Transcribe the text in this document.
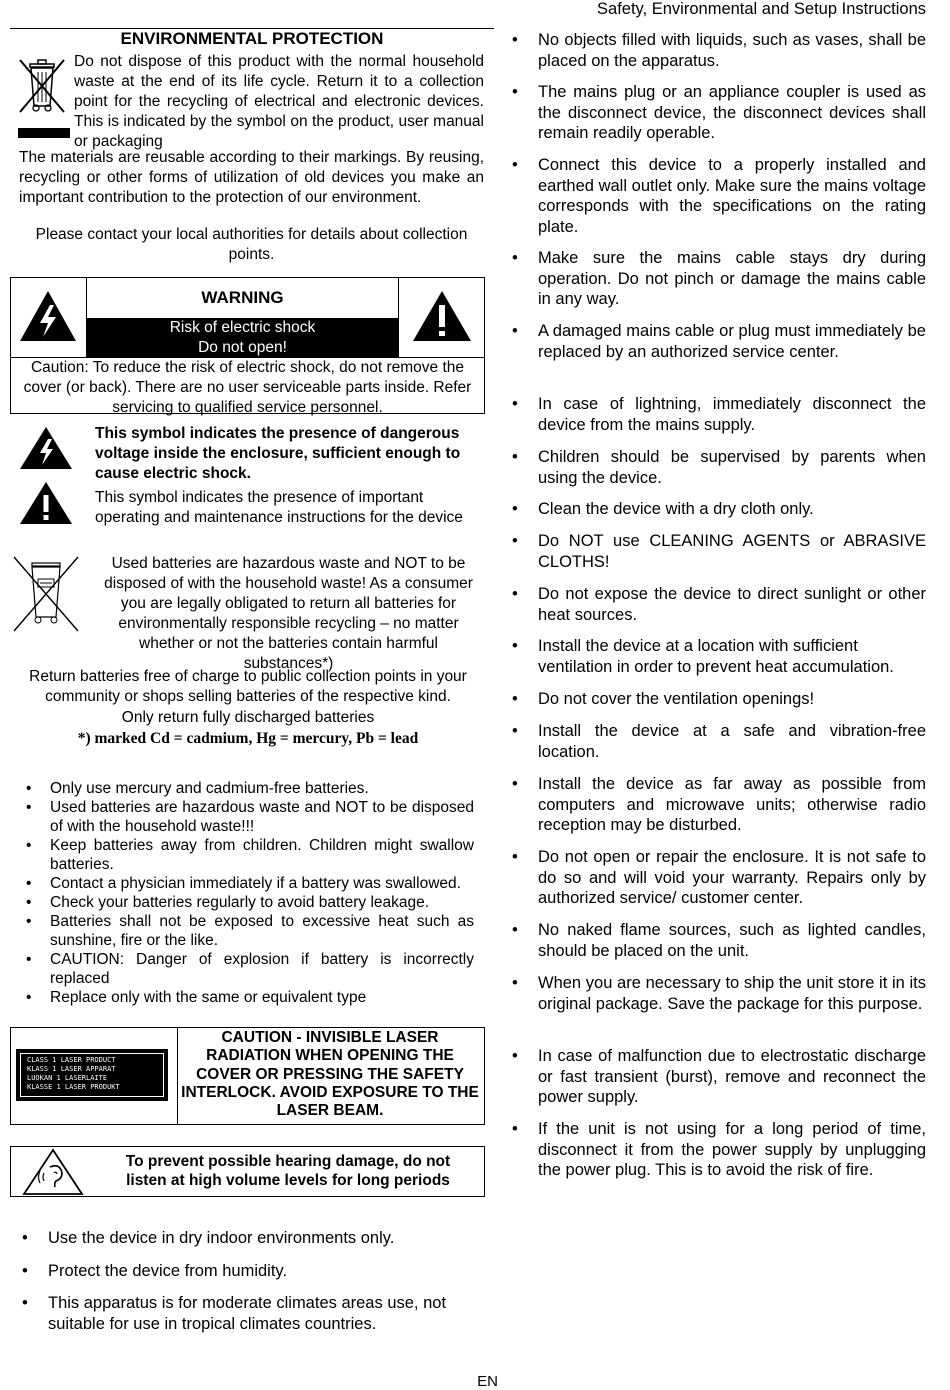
Safety, Environmental and Setup Instructions
ENVIRONMENTAL PROTECTION
Do not dispose of this product with the normal household waste at the end of its life cycle. Return it to a collection point for the recycling of electrical and electronic devices. This is indicated by the symbol on the product, user manual or packaging
The materials are reusable according to their markings. By reusing, recycling or other forms of utilization of old devices you make an important contribution to the protection of our environment.
Please contact your local authorities for details about collection points.
WARNING
Risk of electric shock
Do not open!
Caution: To reduce the risk of electric shock, do not remove the cover (or back). There are no user serviceable parts inside. Refer servicing to qualified service personnel.
This symbol indicates the presence of dangerous voltage inside the enclosure, sufficient enough to cause electric shock.
This symbol indicates the presence of important operating and maintenance instructions for the device
Used batteries are hazardous waste and NOT to be disposed of with the household waste! As a consumer you are legally obligated to return all batteries for environmentally responsible recycling – no matter whether or not the batteries contain harmful substances*)
Return batteries free of charge to public collection points in your community or shops selling batteries of the respective kind.
Only return fully discharged batteries
*) marked Cd = cadmium, Hg = mercury, Pb = lead
• Only use mercury and cadmium-free batteries.
• Used batteries are hazardous waste and NOT to be disposed of with the household waste!!!
• Keep batteries away from children. Children might swallow batteries.
• Contact a physician immediately if a battery was swallowed.
• Check your batteries regularly to avoid battery leakage.
• Batteries shall not be exposed to excessive heat such as sunshine, fire or the like.
• CAUTION: Danger of explosion if battery is incorrectly replaced
• Replace only with the same or equivalent type
CLASS 1 LASER PRODUCT
KLASS 1 LASER APPARAT
LUOKAN 1 LASERLAITE
KLASSE 1 LASER PRODUKT
CAUTION - INVISIBLE LASER RADIATION WHEN OPENING THE COVER OR PRESSING THE SAFETY INTERLOCK. AVOID EXPOSURE TO THE LASER BEAM.
To prevent possible hearing damage, do not listen at high volume levels for long periods
• Use the device in dry indoor environments only.
• Protect the device from humidity.
• This apparatus is for moderate climates areas use, not suitable for use in tropical climates countries.
• No objects filled with liquids, such as vases, shall be placed on the apparatus.
• The mains plug or an appliance coupler is used as the disconnect device, the disconnect devices shall remain readily operable.
• Connect this device to a properly installed and earthed wall outlet only. Make sure the mains voltage corresponds with the specifications on the rating plate.
• Make sure the mains cable stays dry during operation. Do not pinch or damage the mains cable in any way.
• A damaged mains cable or plug must immediately be replaced by an authorized service center.
• In case of lightning, immediately disconnect the device from the mains supply.
• Children should be supervised by parents when using the device.
• Clean the device with a dry cloth only.
• Do NOT use CLEANING AGENTS or ABRASIVE CLOTHS!
• Do not expose the device to direct sunlight or other heat sources.
• Install the device at a location with sufficient ventilation in order to prevent heat accumulation.
• Do not cover the ventilation openings!
• Install the device at a safe and vibration-free location.
• Install the device as far away as possible from computers and microwave units; otherwise radio reception may be disturbed.
• Do not open or repair the enclosure. It is not safe to do so and will void your warranty. Repairs only by authorized service/ customer center.
• No naked flame sources, such as lighted candles, should be placed on the unit.
• When you are necessary to ship the unit store it in its original package. Save the package for this purpose.
• In case of malfunction due to electrostatic discharge or fast transient (burst), remove and reconnect the power supply.
• If the unit is not using for a long period of time, disconnect it from the power supply by unplugging the power plug. This is to avoid the risk of fire.
EN
